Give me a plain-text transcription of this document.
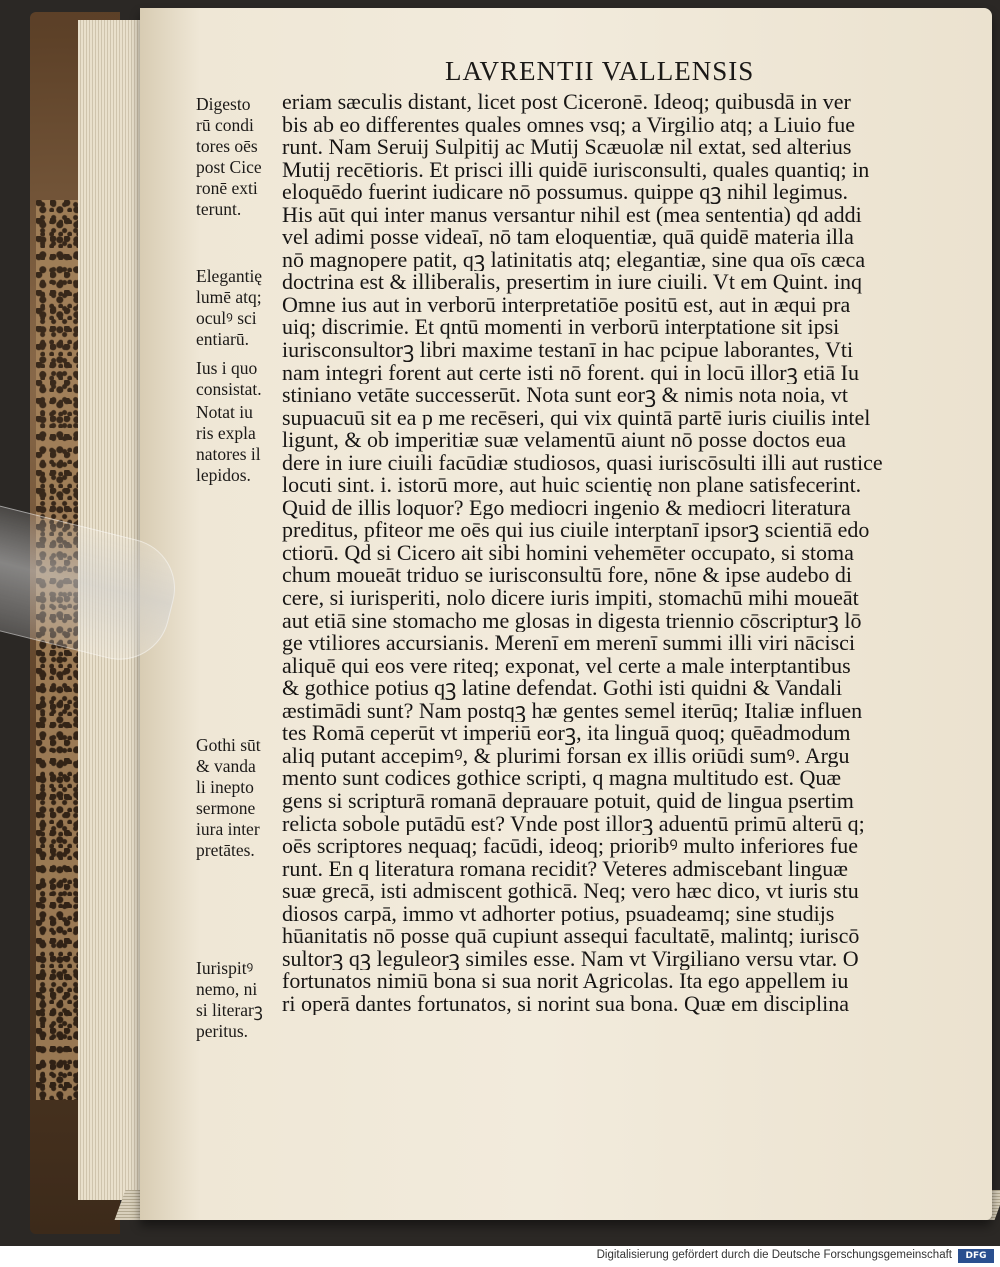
LAVRENTII VALLENSIS
eriam sæculis distant, licet post Ciceronē. Ideoq; quibusdā in ver
bis ab eo differentes quales omnes vsq; a Virgilio atq; a Liuio fue
runt. Nam Seruij Sulpitij ac Mutij Scæuolæ nil extat, sed alterius
Mutij recētioris. Et prisci illi quidē iurisconsulti, quales quantiq; in
eloquēdo fuerint iudicare nō possumus. quippe qꝫ nihil legimus.
His aūt qui inter manus versantur nihil est (mea sententia) qd addi
vel adimi posse videaī, nō tam eloquentiæ, quā quidē materia illa
nō magnopere patit, qꝫ latinitatis atq; elegantiæ, sine qua oīs cæca
doctrina est & illiberalis, presertim in iure ciuili. Vt em Quint. inq
Omne ius aut in verborū interpretatiōe positū est, aut in æqui pra
uiq; discrimie. Et qntū momenti in verborū interptatione sit ipsi
iurisconsultorꝫ libri maxime testanī in hac pcipue laborantes, Vti
nam integri forent aut certe isti nō forent. qui in locū illorꝫ etiā Iu
stiniano vetāte successerūt. Nota sunt eorꝫ & nimis nota noia, vt
supuacuū sit ea p me recēseri, qui vix quintā partē iuris ciuilis intel
ligunt, & ob imperitiæ suæ velamentū aiunt nō posse doctos eua
dere in iure ciuili facūdiæ studiosos, quasi iuriscōsulti illi aut rustice
locuti sint. i. istorū more, aut huic scientię non plane satisfecerint.
Quid de illis loquor? Ego mediocri ingenio & mediocri literatura
preditus, pfiteor me oēs qui ius ciuile interptanī ipsorꝫ scientiā edo
ctiorū. Qd si Cicero ait sibi homini vehemēter occupato, si stoma
chum moueāt triduo se iurisconsultū fore, nōne & ipse audebo di
cere, si iurisperiti, nolo dicere iuris impiti, stomachū mihi moueāt
aut etiā sine stomacho me glosas in digesta triennio cōscripturꝫ lō
ge vtiliores accursianis. Merenī em merenī summi illi viri nācisci
aliquē qui eos vere riteq; exponat, vel certe a male interptantibus
& gothice potius qꝫ latine defendat. Gothi isti quidni & Vandali
æstimādi sunt? Nam postqꝫ hæ gentes semel iterūq; Italiæ influen
tes Romā ceperūt vt imperiū eorꝫ, ita linguā quoq; quēadmodum
aliq putant accepimꝰ, & plurimi forsan ex illis oriūdi sumꝰ. Argu
mento sunt codices gothice scripti, q magna multitudo est. Quæ
gens si scripturā romanā deprauare potuit, quid de lingua psertim
relicta sobole putādū est? Vnde post illorꝫ aduentū primū alterū q;
oēs scriptores nequaq; facūdi, ideoq; prioribꝰ multo inferiores fue
runt. En q literatura romana recidit? Veteres admiscebant linguæ
suæ grecā, isti admiscent gothicā. Neq; vero hæc dico, vt iuris stu
diosos carpā, immo vt adhorter potius, psuadeamq; sine studijs
hūanitatis nō posse quā cupiunt assequi facultatē, malintq; iuriscō
sultorꝫ qꝫ leguleorꝫ similes esse. Nam vt Virgiliano versu vtar. O
fortunatos nimiū bona si sua norit Agricolas. Ita ego appellem iu
ri operā dantes fortunatos, si norint sua bona. Quæ em disciplina
Digesto
rū condi
tores oēs
post Cice
ronē exti
terunt.
Elegantię
lumē atq;
oculꝰ sci
entiarū.
Ius i quo
consistat.
Notat iu
ris expla
natores il
lepidos.
Gothi sūt
& vanda
li inepto
sermone
iura inter
pretātes.
Iurispitꝰ
nemo, ni
si literarꝫ
peritus.
Digitalisierung gefördert durch die Deutsche Forschungsgemeinschaft	DFG
